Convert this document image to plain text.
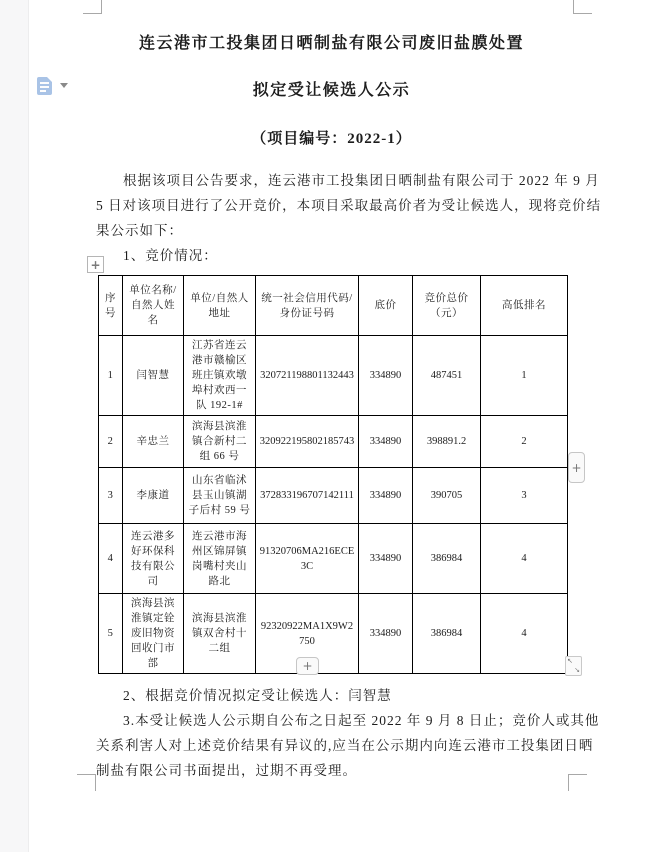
连云港市工投集团日晒制盐有限公司废旧盐膜处置
拟定受让候选人公示
（项目编号：2022-1）
根据该项目公告要求，连云港市工投集团日晒制盐有限公司于 2022 年 9 月
5 日对该项目进行了公开竞价，本项目采取最高价者为受让候选人，现将竞价结
果公示如下：
1、竞价情况：
+
序号	单位名称/自然人姓名	单位/自然人地址	统一社会信用代码/身份证号码	底价	竞价总价（元）	高低排名
1	闫智慧	江苏省连云港市赣榆区班庄镇欢墩埠村欢西一队 192-1#	320721198801132443	334890	487451	1
2	辛忠兰	滨海县滨淮镇合新村二组 66 号	320922195802185743	334890	398891.2	2
3	李康道	山东省临沭县玉山镇湖子后村 59 号	372833196707142111	334890	390705	3
4	连云港多好环保科技有限公司	连云港市海州区锦屏镇岗嘴村夹山路北	91320706MA216ECE3C	334890	386984	4
5	滨海县滨淮镇定铨废旧物资回收门市部	滨海县滨淮镇双舍村十二组	92320922MA1X9W2750	334890	386984	4
+
+	↖
↘
2、根据竞价情况拟定受让候选人：闫智慧
3.本受让候选人公示期自公布之日起至 2022 年 9 月 8 日止；竞价人或其他
关系利害人对上述竞价结果有异议的,应当在公示期内向连云港市工投集团日晒
制盐有限公司书面提出，过期不再受理。
